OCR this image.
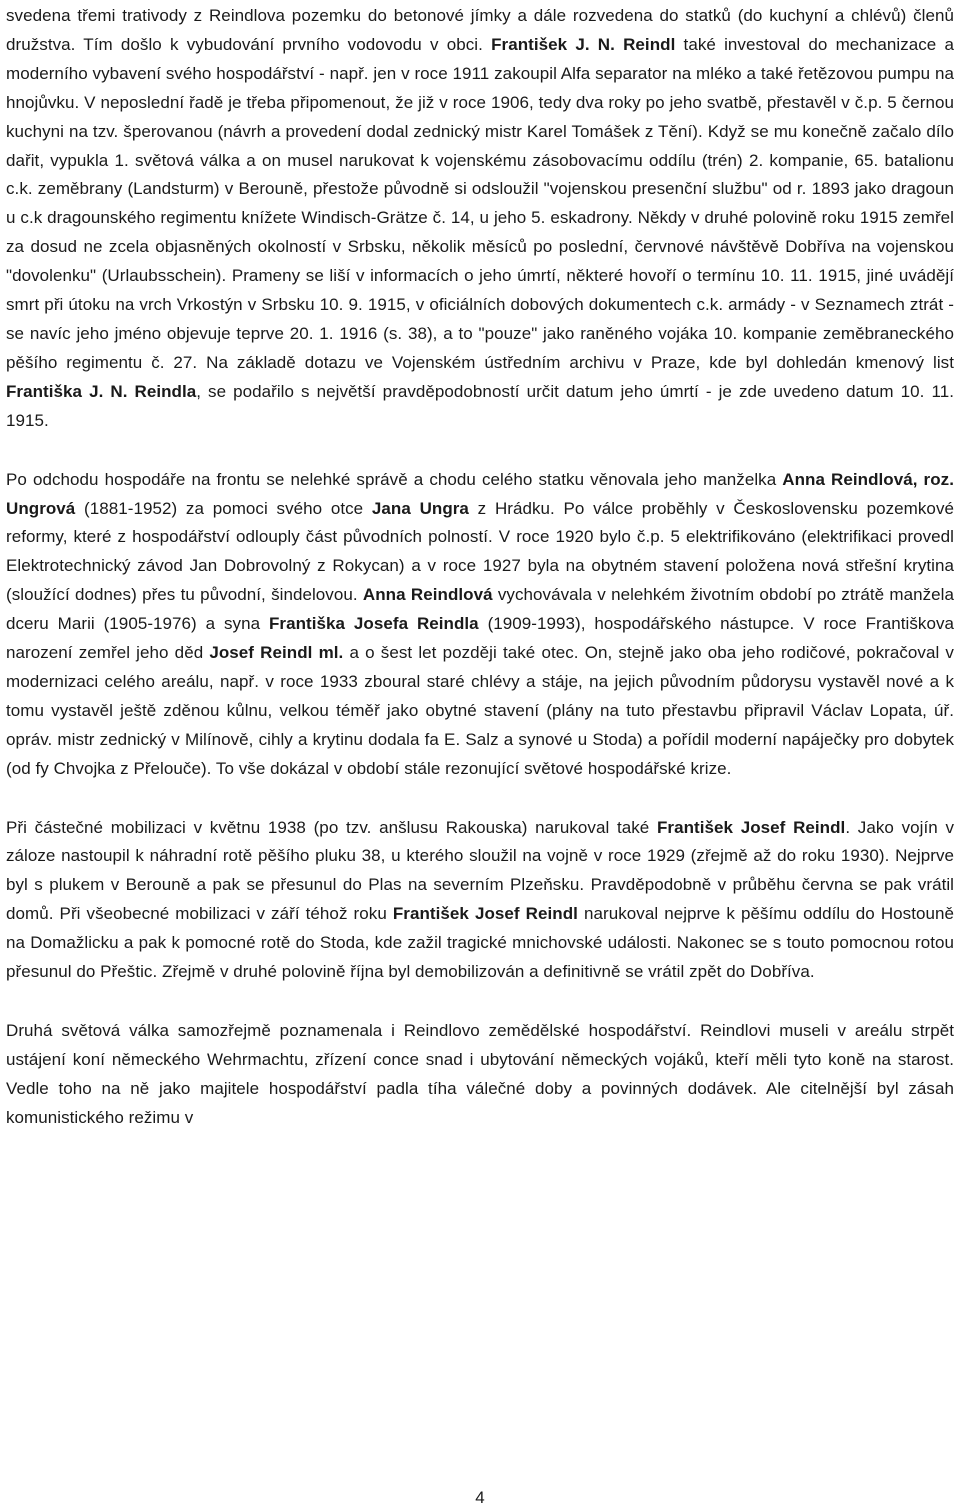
svedena třemi trativody z Reindlova pozemku do betonové jímky a dále rozvedena do statků (do kuchyní a chlévů) členů družstva. Tím došlo k vybudování prvního vodovodu v obci. František J. N. Reindl také investoval do mechanizace a moderního vybavení svého hospodářství - např. jen v roce 1911 zakoupil Alfa separator na mléko a také řetězovou pumpu na hnojůvku. V neposlední řadě je třeba připomenout, že již v roce 1906, tedy dva roky po jeho svatbě, přestavěl v č.p. 5 černou kuchyni na tzv. šperovanou (návrh a provedení dodal zednický mistr Karel Tomášek z Tění). Když se mu konečně začalo dílo dařit, vypukla 1. světová válka a on musel narukovat k vojenskému zásobovacímu oddílu (trén) 2. kompanie, 65. batalionu c.k. zeměbrany (Landsturm) v Berouně, přestože původně si odsloužil "vojenskou presenční službu" od r. 1893 jako dragoun u c.k dragounského regimentu knížete Windisch-Grätze č. 14, u jeho 5. eskadrony. Někdy v druhé polovině roku 1915 zemřel za dosud ne zcela objasněných okolností v Srbsku, několik měsíců po poslední, červnové návštěvě Dobříva na vojenskou "dovolenku" (Urlaubsschein). Prameny se liší v informacích o jeho úmrtí, některé hovoří o termínu 10. 11. 1915, jiné uvádějí smrt při útoku na vrch Vrkostýn v Srbsku 10. 9. 1915, v oficiálních dobových dokumentech c.k. armády - v Seznamech ztrát - se navíc jeho jméno objevuje teprve 20. 1. 1916 (s. 38), a to "pouze" jako raněného vojáka 10. kompanie zeměbraneckého pěšího regimentu č. 27. Na základě dotazu ve Vojenském ústředním archivu v Praze, kde byl dohledán kmenový list Františka J. N. Reindla, se podařilo s největší pravděpodobností určit datum jeho úmrtí - je zde uvedeno datum 10. 11. 1915.

Po odchodu hospodáře na frontu se nelehké správě a chodu celého statku věnovala jeho manželka Anna Reindlová, roz. Ungrová (1881-1952) za pomoci svého otce Jana Ungra z Hrádku. Po válce proběhly v Československu pozemkové reformy, které z hospodářství odlouply část původních polností. V roce 1920 bylo č.p. 5 elektrifikováno (elektrifikaci provedl Elektrotechnický závod Jan Dobrovolný z Rokycan) a v roce 1927 byla na obytném stavení položena nová střešní krytina (sloužící dodnes) přes tu původní, šindelovou. Anna Reindlová vychovávala v nelehkém životním období po ztrátě manžela dceru Marii (1905-1976) a syna Františka Josefa Reindla (1909-1993), hospodářského nástupce. V roce Františkova narození zemřel jeho děd Josef Reindl ml. a o šest let později také otec. On, stejně jako oba jeho rodičové, pokračoval v modernizaci celého areálu, např. v roce 1933 zboural staré chlévy a stáje, na jejich původním půdorysu vystavěl nové a k tomu vystavěl ještě zděnou kůlnu, velkou téměř jako obytné stavení (plány na tuto přestavbu připravil Václav Lopata, úř. opráv. mistr zednický v Milínově, cihly a krytinu dodala fa E. Salz a synové u Stoda) a pořídil moderní napáječky pro dobytek (od fy Chvojka z Přelouče). To vše dokázal v období stále rezonující světové hospodářské krize.

Při částečné mobilizaci v květnu 1938 (po tzv. anšlusu Rakouska) narukoval také František Josef Reindl. Jako vojín v záloze nastoupil k náhradní rotě pěšího pluku 38, u kterého sloužil na vojně v roce 1929 (zřejmě až do roku 1930). Nejprve byl s plukem v Berouně a pak se přesunul do Plas na severním Plzeňsku. Pravděpodobně v průběhu června se pak vrátil domů. Při všeobecné mobilizaci v září téhož roku František Josef Reindl narukoval nejprve k pěšímu oddílu do Hostouně na Domažlicku a pak k pomocné rotě do Stoda, kde zažil tragické mnichovské události. Nakonec se s touto pomocnou rotou přesunul do Přeštic. Zřejmě v druhé polovině října byl demobilizován a definitivně se vrátil zpět do Dobříva.

Druhá světová válka samozřejmě poznamenala i Reindlovo zemědělské hospodářství. Reindlovi museli v areálu strpět ustájení koní německého Wehrmachtu, zřízení conce snad i ubytování německých vojáků, kteří měli tyto koně na starost. Vedle toho na ně jako majitele hospodářství padla tíha válečné doby a povinných dodávek. Ale citelnější byl zásah komunistického režimu v

4
